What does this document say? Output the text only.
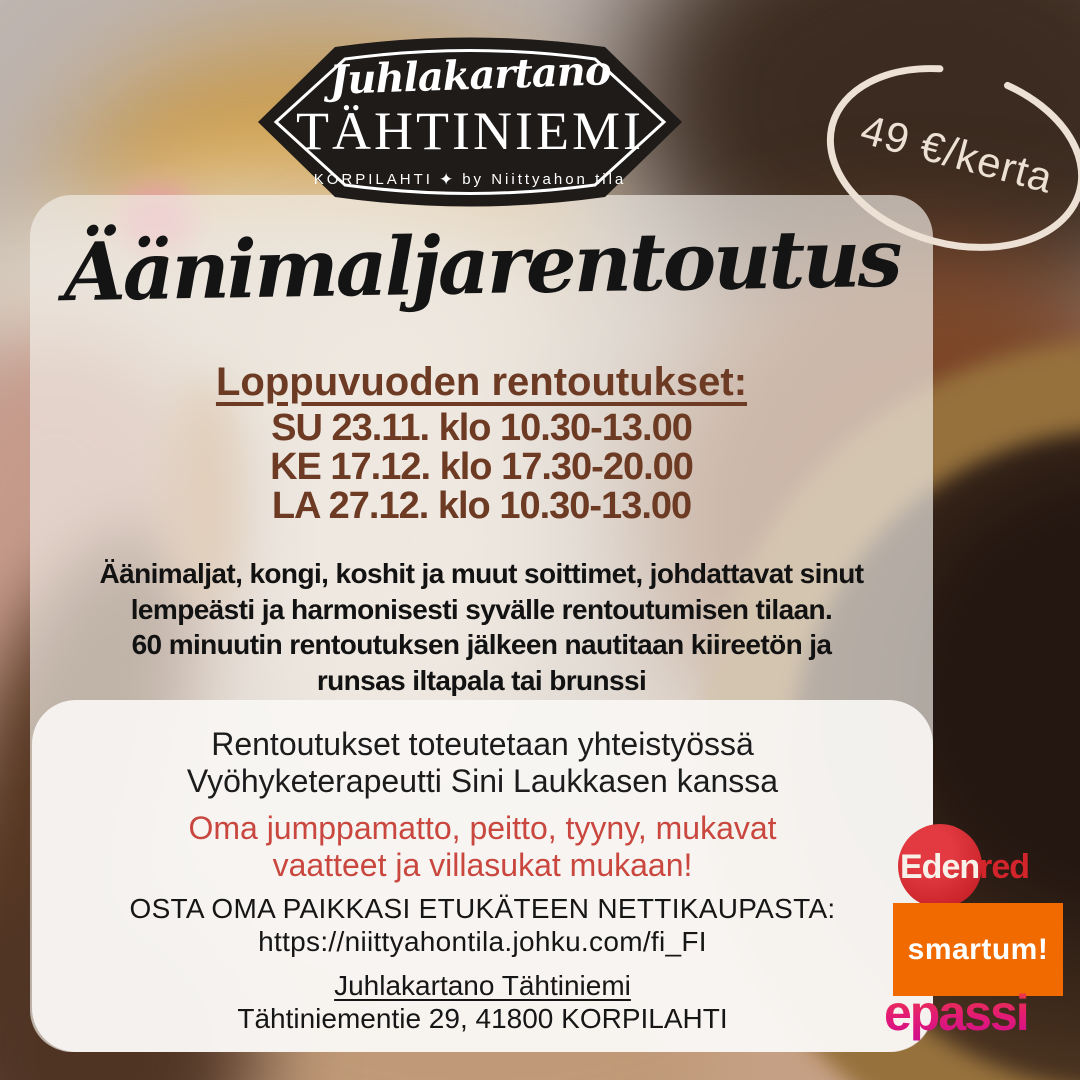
Juhlakartano
TÄHTINIEMI
KORPILAHTI ✦ by Niittyahon tila	49 €/kerta
Äänimaljarentoutus
Loppuvuoden rentoutukset:
SU 23.11. klo 10.30-13.00
KE 17.12. klo 17.30-20.00
LA 27.12. klo 10.30-13.00
Äänimaljat, kongi, koshit ja muut soittimet, johdattavat sinut
lempeästi ja harmonisesti syvälle rentoutumisen tilaan.
60 minuutin rentoutuksen jälkeen nautitaan kiireetön ja
runsas iltapala tai brunssi
Rentoutukset toteutetaan yhteistyössä
Vyöhyketerapeutti Sini Laukkasen kanssa
Oma jumppamatto, peitto, tyyny, mukavat
vaatteet ja villasukat mukaan!
OSTA OMA PAIKKASI ETUKÄTEEN NETTIKAUPASTA:
https://niittyahontila.johku.com/fi_FI
Juhlakartano Tähtiniemi
Tähtiniementie 29, 41800 KORPILAHTI
Edenred
smartum!
epassi
